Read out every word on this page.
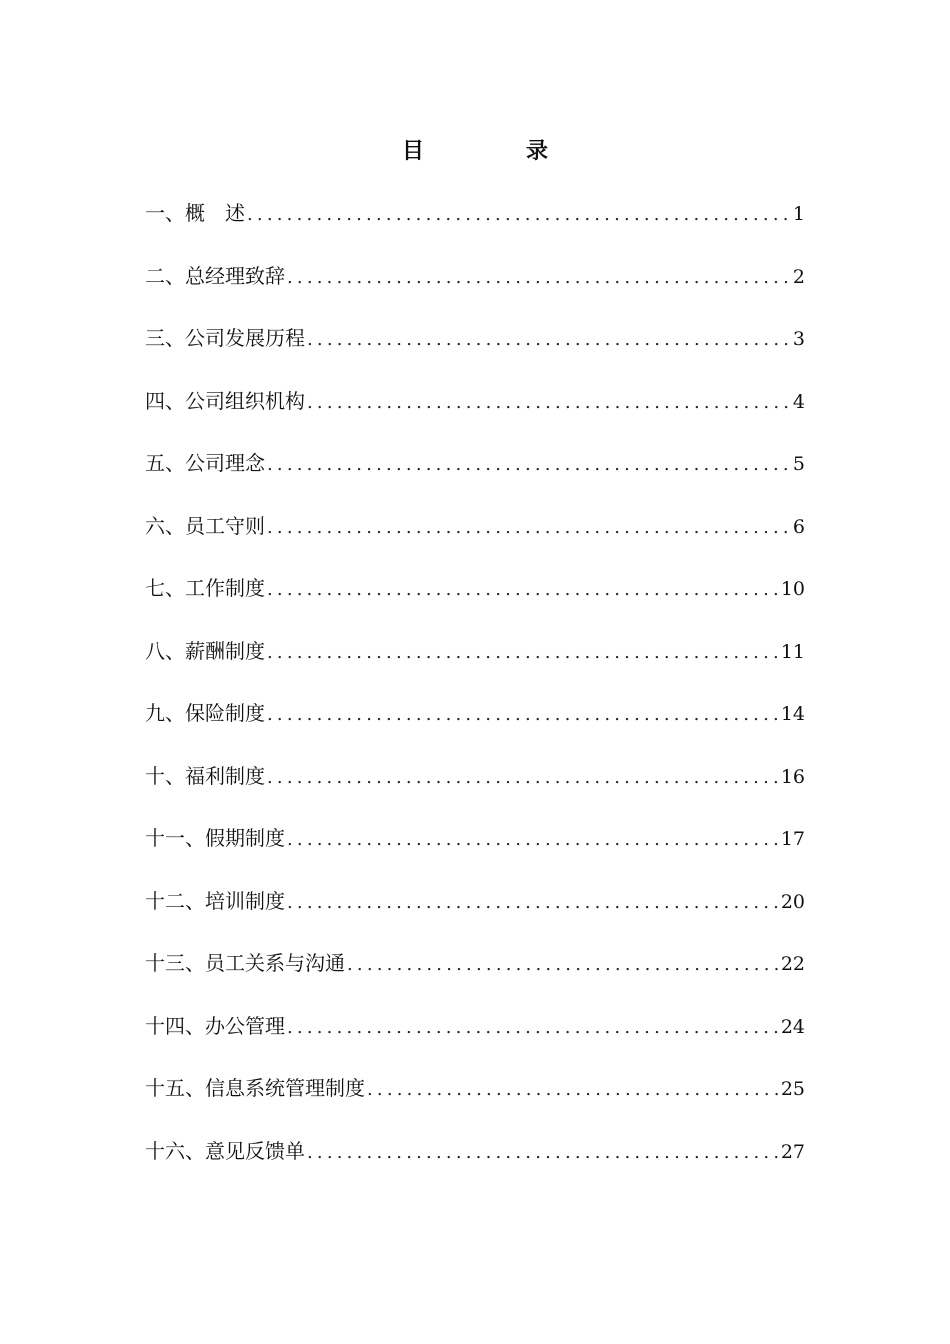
目　录
一、概　述 .....	1
二、总经理致辞 .....	2
三、公司发展历程 .....	3
四、公司组织机构 .....	4
五、公司理念 .....	5
六、员工守则 .....	6
七、工作制度 .....	10
八、薪酬制度 .....	11
九、保险制度 .....	14
十、福利制度 .....	16
十一、假期制度 .....	17
十二、培训制度 .....	20
十三、员工关系与沟通 .....	22
十四、办公管理 .....	24
十五、信息系统管理制度 .....	25
十六、意见反馈单 .....	27
